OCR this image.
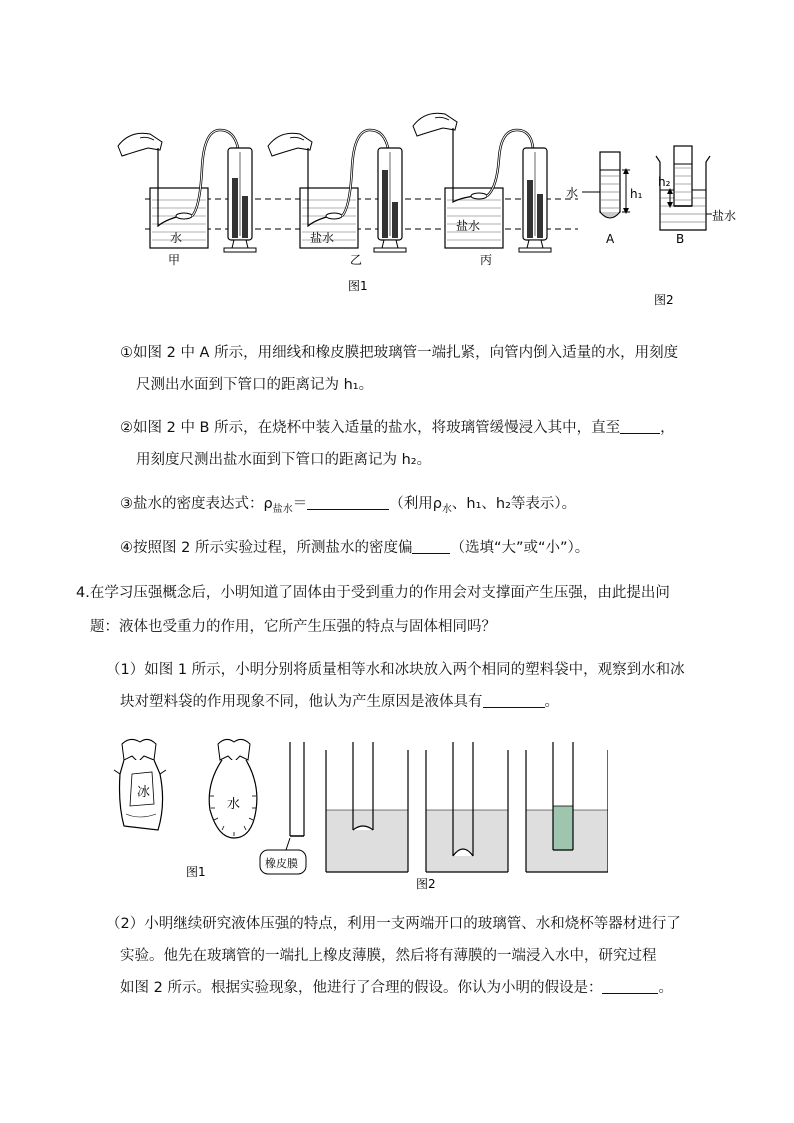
甲
水
乙
盐水
丙
盐水
图1
水	h₁
A
h₂
盐水
B
图2
①如图 2 中 A 所示，用细线和橡皮膜把玻璃管一端扎紧，向管内倒入适量的水，用刻度
尺测出水面到下管口的距离记为 h₁。
②如图 2 中 B 所示，在烧杯中装入适量的盐水，将玻璃管缓慢浸入其中，直至	，
用刻度尺测出盐水面到下管口的距离记为 h₂。
③盐水的密度表达式：$\rho_{盐水}=$	（利用$\rho_水$、h₁、h₂等表示）。
④按照图 2 所示实验过程，所测盐水的密度偏	（选填“大”或“小”）。
4.在学习压强概念后，小明知道了固体由于受到重力的作用会对支撑面产生压强，由此提出问
题：液体也受重力的作用，它所产生压强的特点与固体相同吗？
（1）如图 1 所示，小明分别将质量相等水和冰块放入两个相同的塑料袋中，观察到水和冰
块对塑料袋的作用现象不同，他认为产生原因是液体具有	。
冰
水
图1
橡皮膜
图2
（2）小明继续研究液体压强的特点，利用一支两端开口的玻璃管、水和烧杯等器材进行了
实验。他先在玻璃管的一端扎上橡皮薄膜，然后将有薄膜的一端浸入水中，研究过程
如图 2 所示。根据实验现象，他进行了合理的假设。你认为小明的假设是：	。
